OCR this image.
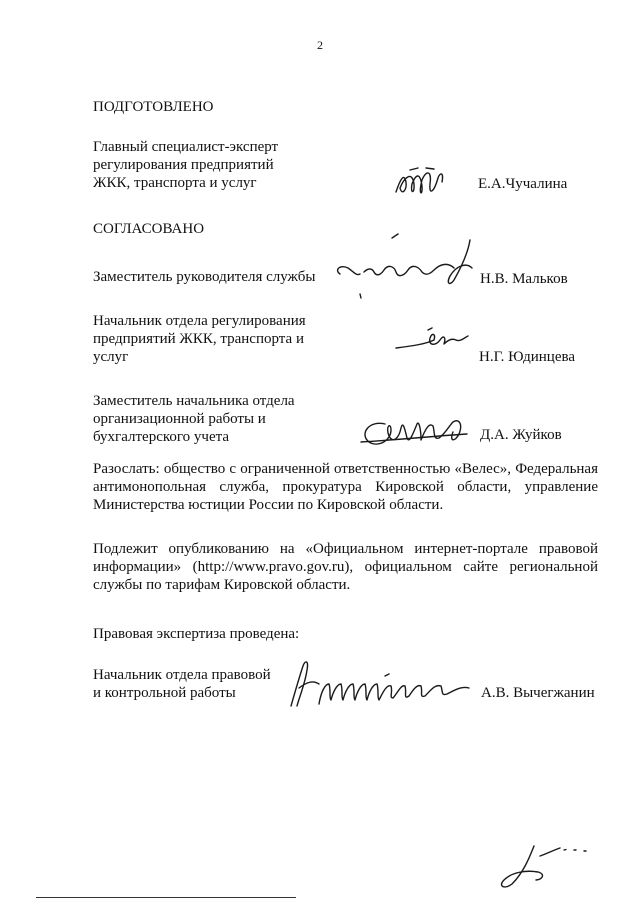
2
ПОДГОТОВЛЕНО
Главный специалист-эксперт
регулирования предприятий
ЖКК, транспорта и услуг	Е.А.Чучалина
СОГЛАСОВАНО
Заместитель руководителя службы	Н.В. Мальков
Начальник отдела регулирования
предприятий ЖКК, транспорта и
услуг	Н.Г. Юдинцева
Заместитель начальника отдела
организационной работы и
бухгалтерского учета	Д.А. Жуйков
Разослать: общество с ограниченной ответственностью «Велес», Федеральная антимонопольная служба, прокуратура Кировской области, управление Министерства юстиции России по Кировской области.
Подлежит опубликованию на «Официальном интернет-портале правовой информации» (http://www.pravo.gov.ru), официальном сайте региональной службы по тарифам Кировской области.
Правовая экспертиза проведена:
Начальник отдела правовой
и контрольной работы	А.В. Вычегжанин
